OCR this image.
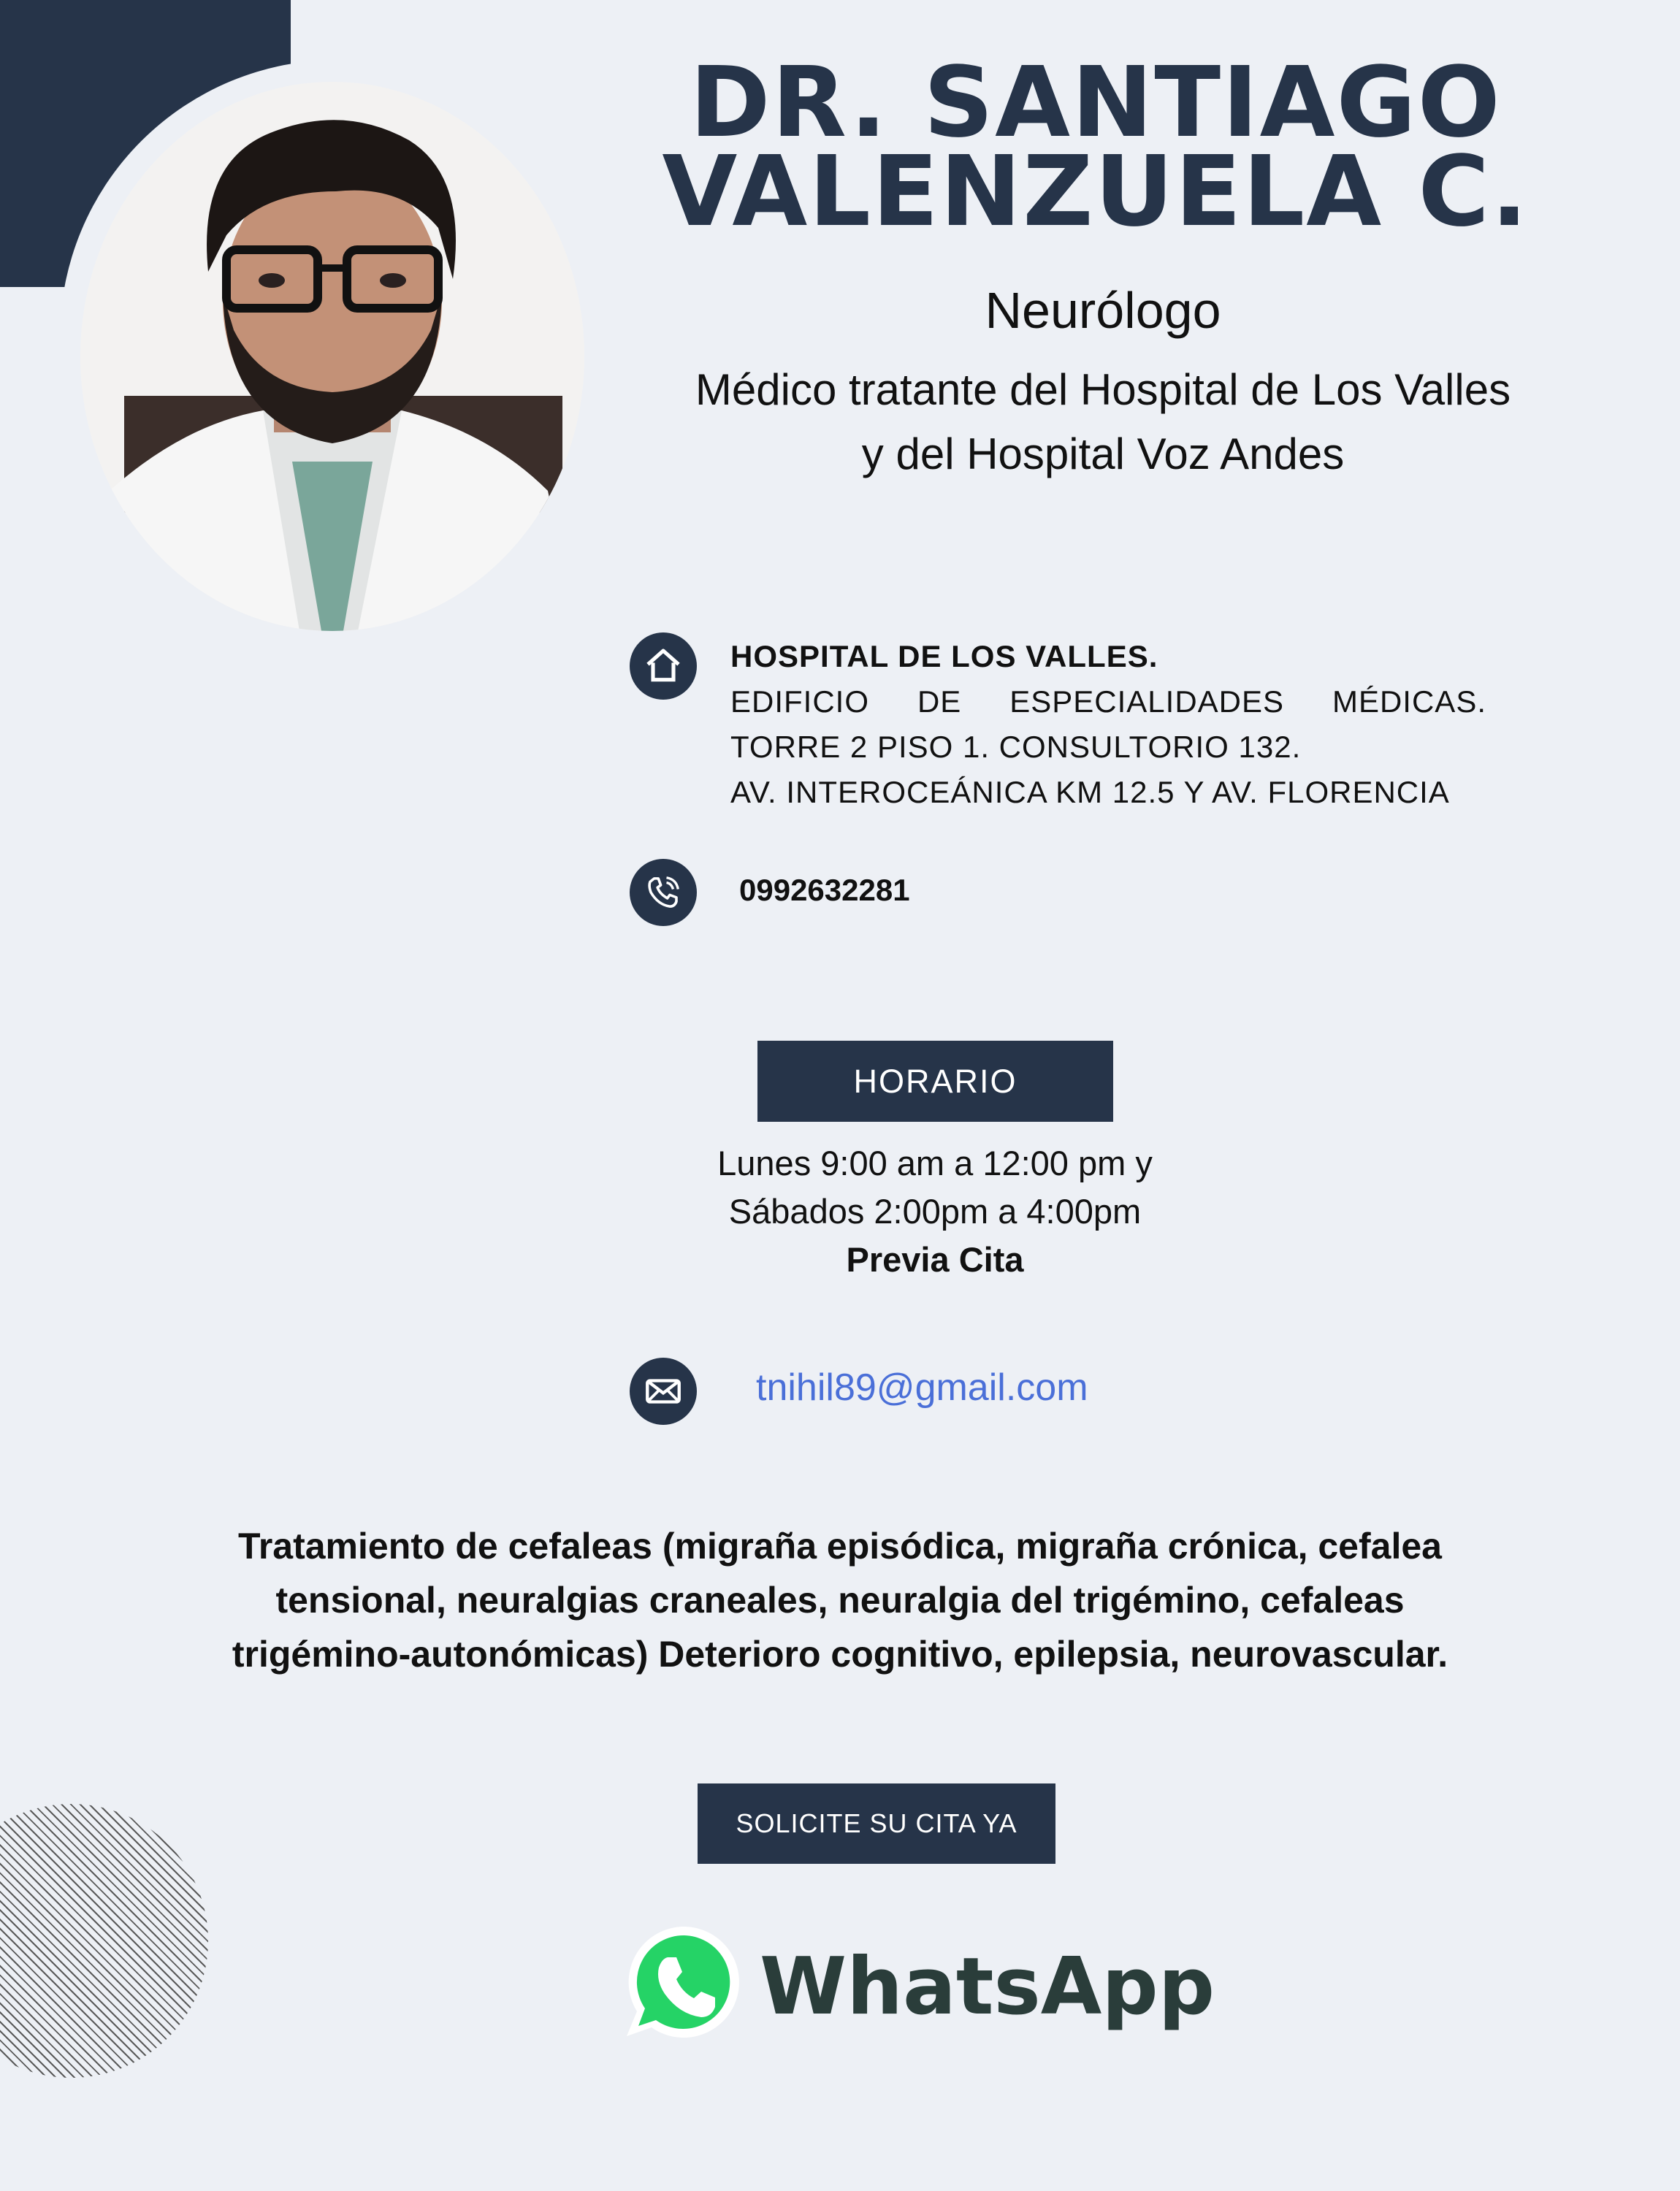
DR. SANTIAGO
VALENZUELA C.
Neurólogo
Médico tratante del Hospital de Los Valles
y del Hospital Voz Andes
HOSPITAL DE LOS VALLES.
EDIFICIO DE ESPECIALIDADES MÉDICAS.
TORRE 2 PISO 1. CONSULTORIO 132.
AV. INTEROCEÁNICA KM 12.5 Y AV. FLORENCIA
0992632281
HORARIO
Lunes 9:00 am a 12:00 pm y
Sábados 2:00pm a 4:00pm
Previa Cita
tnihil89@gmail.com
Tratamiento de cefaleas (migraña episódica, migraña crónica, cefalea
tensional, neuralgias craneales, neuralgia del trigémino, cefaleas
trigémino-autonómicas) Deterioro cognitivo, epilepsia, neurovascular.
SOLICITE SU CITA YA
WhatsApp
